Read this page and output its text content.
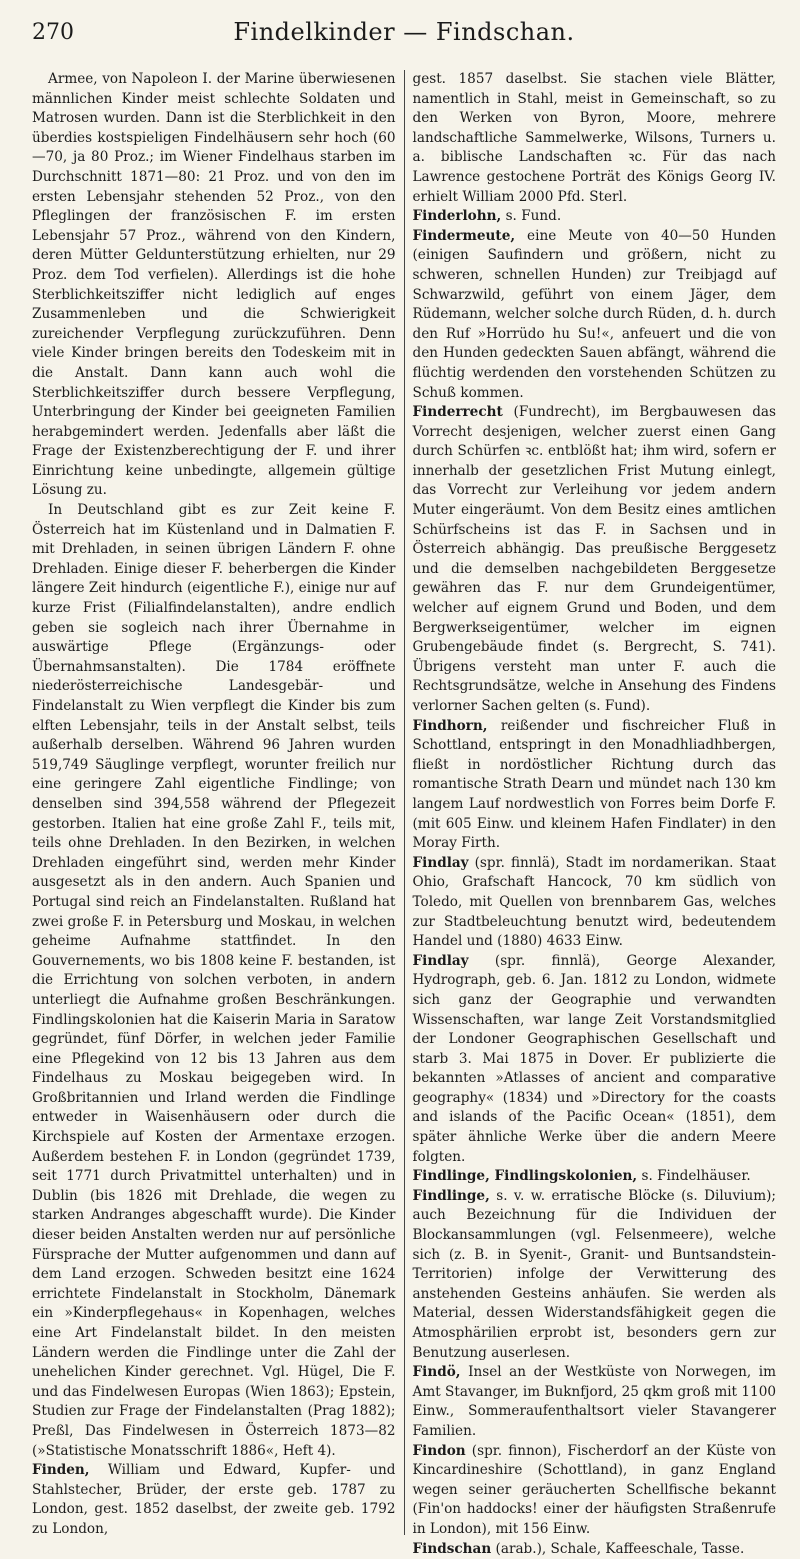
270	Findelkinder — Findschan.

Armee, von Napoleon I. der Marine überwiesenen männlichen Kinder meist schlechte Soldaten und Matrosen wurden. Dann ist die Sterblichkeit in den überdies kostspieligen Findelhäusern sehr hoch (60—70, ja 80 Proz.; im Wiener Findelhaus starben im Durchschnitt 1871—80: 21 Proz. und von den im ersten Lebensjahr stehenden 52 Proz., von den Pfleglingen der französischen F. im ersten Lebensjahr 57 Proz., während von den Kindern, deren Mütter Geldunterstützung erhielten, nur 29 Proz. dem Tod verfielen). Allerdings ist die hohe Sterblichkeitsziffer nicht lediglich auf enges Zusammenleben und die Schwierigkeit zureichender Verpflegung zurückzuführen. Denn viele Kinder bringen bereits den Todeskeim mit in die Anstalt. Dann kann auch wohl die Sterblichkeitsziffer durch bessere Verpflegung, Unterbringung der Kinder bei geeigneten Familien herabgemindert werden. Jedenfalls aber läßt die Frage der Existenzberechtigung der F. und ihrer Einrichtung keine unbedingte, allgemein gültige Lösung zu.

In Deutschland gibt es zur Zeit keine F. Österreich hat im Küstenland und in Dalmatien F. mit Drehladen, in seinen übrigen Ländern F. ohne Drehladen. Einige dieser F. beherbergen die Kinder längere Zeit hindurch (eigentliche F.), einige nur auf kurze Frist (Filialfindelanstalten), andre endlich geben sie sogleich nach ihrer Übernahme in auswärtige Pflege (Ergänzungs- oder Übernahmsanstalten). Die 1784 eröffnete niederösterreichische Landesgebär- und Findelanstalt zu Wien verpflegt die Kinder bis zum elften Lebensjahr, teils in der Anstalt selbst, teils außerhalb derselben. Während 96 Jahren wurden 519,749 Säuglinge verpflegt, worunter freilich nur eine geringere Zahl eigentliche Findlinge; von denselben sind 394,558 während der Pflegezeit gestorben. Italien hat eine große Zahl F., teils mit, teils ohne Drehladen. In den Bezirken, in welchen Drehladen eingeführt sind, werden mehr Kinder ausgesetzt als in den andern. Auch Spanien und Portugal sind reich an Findelanstalten. Rußland hat zwei große F. in Petersburg und Moskau, in welchen geheime Aufnahme stattfindet. In den Gouvernements, wo bis 1808 keine F. bestanden, ist die Errichtung von solchen verboten, in andern unterliegt die Aufnahme großen Beschränkungen. Findlingskolonien hat die Kaiserin Maria in Saratow gegründet, fünf Dörfer, in welchen jeder Familie eine Pflegekind von 12 bis 13 Jahren aus dem Findelhaus zu Moskau beigegeben wird. In Großbritannien und Irland werden die Findlinge entweder in Waisenhäusern oder durch die Kirchspiele auf Kosten der Armentaxe erzogen. Außerdem bestehen F. in London (gegründet 1739, seit 1771 durch Privatmittel unterhalten) und in Dublin (bis 1826 mit Drehlade, die wegen zu starken Andranges abgeschafft wurde). Die Kinder dieser beiden Anstalten werden nur auf persönliche Fürsprache der Mutter aufgenommen und dann auf dem Land erzogen. Schweden besitzt eine 1624 errichtete Findelanstalt in Stockholm, Dänemark ein »Kinderpflegehaus« in Kopenhagen, welches eine Art Findelanstalt bildet. In den meisten Ländern werden die Findlinge unter die Zahl der unehelichen Kinder gerechnet. Vgl. Hügel, Die F. und das Findelwesen Europas (Wien 1863); Epstein, Studien zur Frage der Findelanstalten (Prag 1882); Preßl, Das Findelwesen in Österreich 1873—82 (»Statistische Monatsschrift 1886«, Heft 4).

Finden, William und Edward, Kupfer- und Stahlstecher, Brüder, der erste geb. 1787 zu London, gest. 1852 daselbst, der zweite geb. 1792 zu London,

gest. 1857 daselbst. Sie stachen viele Blätter, namentlich in Stahl, meist in Gemeinschaft, so zu den Werken von Byron, Moore, mehrere landschaftliche Sammelwerke, Wilsons, Turners u. a. biblische Landschaften ꝛc. Für das nach Lawrence gestochene Porträt des Königs Georg IV. erhielt William 2000 Pfd. Sterl.

Finderlohn, s. Fund.

Findermeute, eine Meute von 40—50 Hunden (einigen Saufindern und größern, nicht zu schweren, schnellen Hunden) zur Treibjagd auf Schwarzwild, geführt von einem Jäger, dem Rüdemann, welcher solche durch Rüden, d. h. durch den Ruf »Horrüdo hu Su!«, anfeuert und die von den Hunden gedeckten Sauen abfängt, während die flüchtig werdenden den vorstehenden Schützen zu Schuß kommen.

Finderrecht (Fundrecht), im Bergbauwesen das Vorrecht desjenigen, welcher zuerst einen Gang durch Schürfen ꝛc. entblößt hat; ihm wird, sofern er innerhalb der gesetzlichen Frist Mutung einlegt, das Vorrecht zur Verleihung vor jedem andern Muter eingeräumt. Von dem Besitz eines amtlichen Schürfscheins ist das F. in Sachsen und in Österreich abhängig. Das preußische Berggesetz und die demselben nachgebildeten Berggesetze gewähren das F. nur dem Grundeigentümer, welcher auf eignem Grund und Boden, und dem Bergwerkseigentümer, welcher im eignen Grubengebäude findet (s. Bergrecht, S. 741). Übrigens versteht man unter F. auch die Rechtsgrundsätze, welche in Ansehung des Findens verlorner Sachen gelten (s. Fund).

Findhorn, reißender und fischreicher Fluß in Schottland, entspringt in den Monadhliadhbergen, fließt in nordöstlicher Richtung durch das romantische Strath Dearn und mündet nach 130 km langem Lauf nordwestlich von Forres beim Dorfe F. (mit 605 Einw. und kleinem Hafen Findlater) in den Moray Firth.

Findlay (spr. finnlä), Stadt im nordamerikan. Staat Ohio, Grafschaft Hancock, 70 km südlich von Toledo, mit Quellen von brennbarem Gas, welches zur Stadtbeleuchtung benutzt wird, bedeutendem Handel und (1880) 4633 Einw.

Findlay (spr. finnlä), George Alexander, Hydrograph, geb. 6. Jan. 1812 zu London, widmete sich ganz der Geographie und verwandten Wissenschaften, war lange Zeit Vorstandsmitglied der Londoner Geographischen Gesellschaft und starb 3. Mai 1875 in Dover. Er publizierte die bekannten »Atlasses of ancient and comparative geography« (1834) und »Directory for the coasts and islands of the Pacific Ocean« (1851), dem später ähnliche Werke über die andern Meere folgten.

Findlinge, Findlingskolonien, s. Findelhäuser.

Findlinge, s. v. w. erratische Blöcke (s. Diluvium); auch Bezeichnung für die Individuen der Blockansammlungen (vgl. Felsenmeere), welche sich (z. B. in Syenit-, Granit- und Buntsandstein-Territorien) infolge der Verwitterung des anstehenden Gesteins anhäufen. Sie werden als Material, dessen Widerstandsfähigkeit gegen die Atmosphärilien erprobt ist, besonders gern zur Benutzung auserlesen.

Findö, Insel an der Westküste von Norwegen, im Amt Stavanger, im Buknfjord, 25 qkm groß mit 1100 Einw., Sommeraufenthaltsort vieler Stavangerer Familien.

Findon (spr. finnon), Fischerdorf an der Küste von Kincardineshire (Schottland), in ganz England wegen seiner geräucherten Schellfische bekannt (Fin'on haddocks! einer der häufigsten Straßenrufe in London), mit 156 Einw.

Findschan (arab.), Schale, Kaffeeschale, Tasse.
